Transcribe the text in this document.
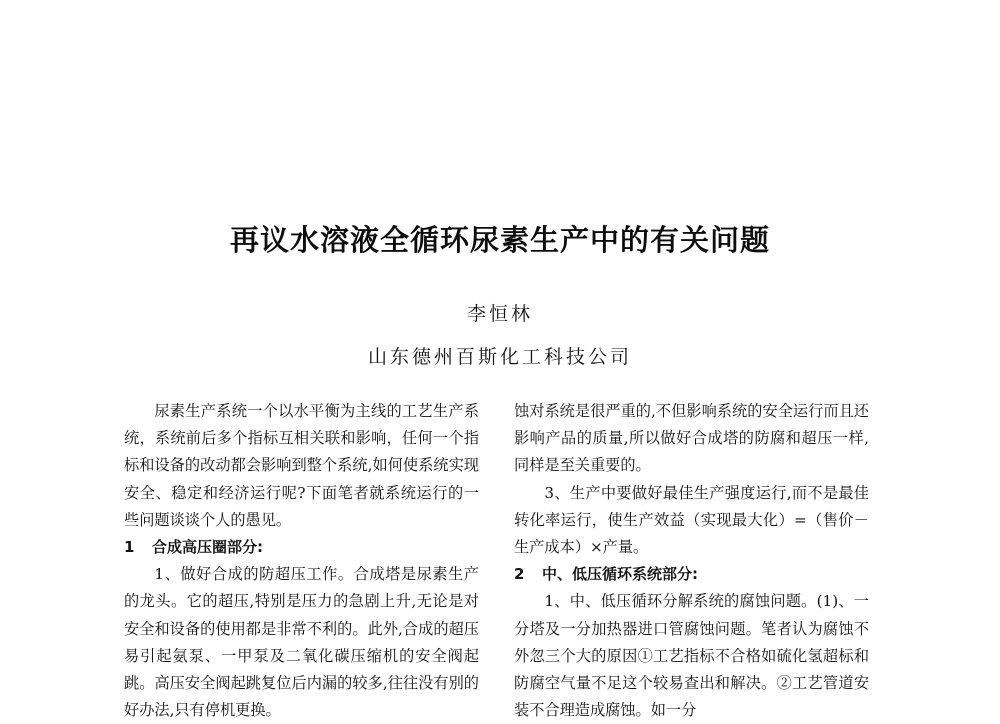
再议水溶液全循环尿素生产中的有关问题
李恒林
山东德州百斯化工科技公司

尿素生产系统一个以水平衡为主线的工艺生产系统，系统前后多个指标互相关联和影响，任何一个指标和设备的改动都会影响到整个系统,如何使系统实现安全、稳定和经济运行呢?下面笔者就系统运行的一些问题谈谈个人的愚见。

1 合成高压圈部分:

1、做好合成的防超压工作。合成塔是尿素生产的龙头。它的超压,特别是压力的急剧上升,无论是对安全和设备的使用都是非常不利的。此外,合成的超压易引起氨泵、一甲泵及二氧化碳压缩机的安全阀起跳。高压安全阀起跳复位后内漏的较多,往往没有别的好办法,只有停机更换。

蚀对系统是很严重的,不但影响系统的安全运行而且还影响产品的质量,所以做好合成塔的防腐和超压一样,同样是至关重要的。

3、生产中要做好最佳生产强度运行,而不是最佳转化率运行，使生产效益（实现最大化）=（售价－生产成本）×产量。

2 中、低压循环系统部分:

1、中、低压循环分解系统的腐蚀问题。(1)、一分塔及一分加热器进口管腐蚀问题。笔者认为腐蚀不外忽三个大的原因①工艺指标不合格如硫化氢超标和防腐空气量不足这个较易查出和解决。②工艺管道安装不合理造成腐蚀。如一分
